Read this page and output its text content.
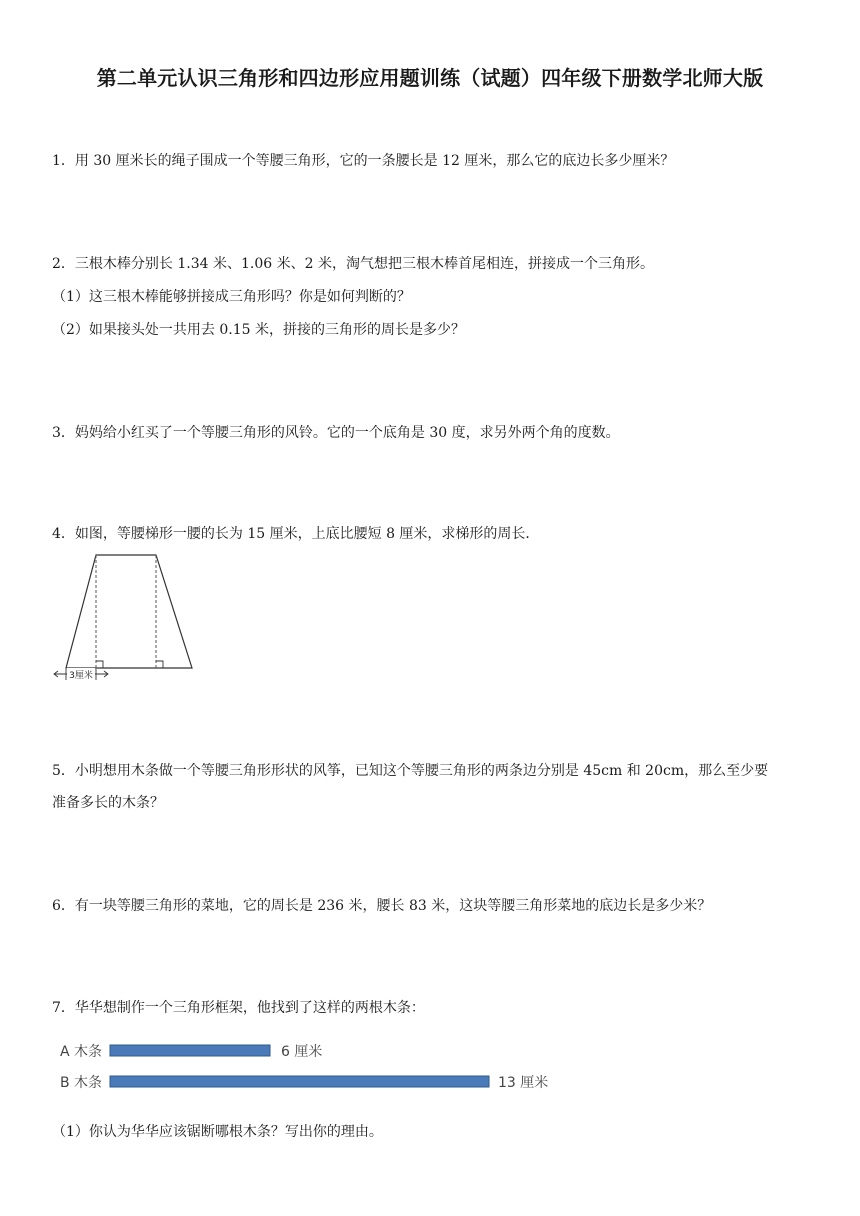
第二单元认识三角形和四边形应用题训练（试题）四年级下册数学北师大版
1．用 30 厘米长的绳子围成一个等腰三角形，它的一条腰长是 12 厘米，那么它的底边长多少厘米？
2．三根木棒分别长 1.34 米、1.06 米、2 米，淘气想把三根木棒首尾相连，拼接成一个三角形。
（1）这三根木棒能够拼接成三角形吗？你是如何判断的？
（2）如果接头处一共用去 0.15 米，拼接的三角形的周长是多少？
3．妈妈给小红买了一个等腰三角形的风铃。它的一个底角是 30 度，求另外两个角的度数。
4．如图，等腰梯形一腰的长为 15 厘米，上底比腰短 8 厘米，求梯形的周长．
3厘米
5．小明想用木条做一个等腰三角形形状的风筝，已知这个等腰三角形的两条边分别是 45cm 和 20cm，那么至少要
准备多长的木条？
6．有一块等腰三角形的菜地，它的周长是 236 米，腰长 83 米，这块等腰三角形菜地的底边长是多少米？
7．华华想制作一个三角形框架，他找到了这样的两根木条：
A 木条	6 厘米
B 木条	13 厘米
（1）你认为华华应该锯断哪根木条？写出你的理由。
